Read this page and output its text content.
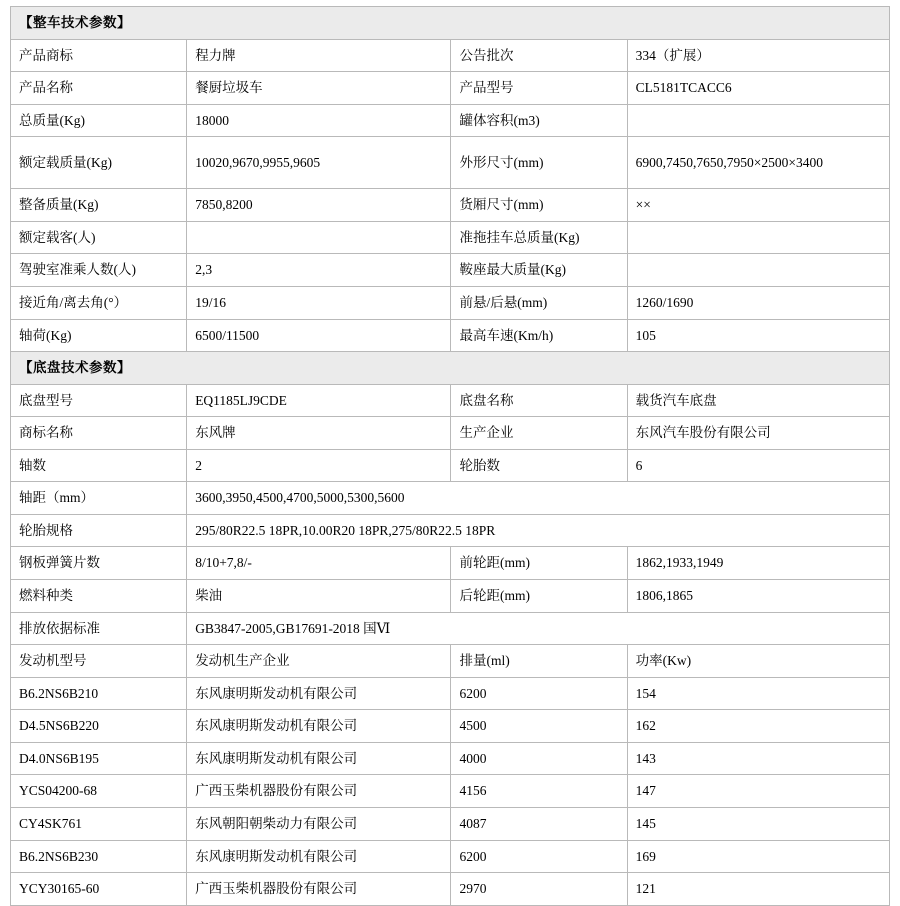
【整车技术参数】			
产品商标	程力牌	公告批次	334（扩展）
产品名称	餐厨垃圾车	产品型号	CL5181TCACC6
总质量(Kg)	18000	罐体容积(m3)	
额定载质量(Kg)	10020,9670,9955,9605	外形尺寸(mm)	6900,7450,7650,7950×2500×3400
整备质量(Kg)	7850,8200	货厢尺寸(mm)	××
额定载客(人)		准拖挂车总质量(Kg)	
驾驶室准乘人数(人)	2,3	鞍座最大质量(Kg)	
接近角/离去角(°）	19/16	前悬/后悬(mm)	1260/1690
轴荷(Kg)	6500/11500	最高车速(Km/h)	105
【底盘技术参数】			
底盘型号	EQ1185LJ9CDE	底盘名称	载货汽车底盘
商标名称	东风牌	生产企业	东风汽车股份有限公司
轴数	2	轮胎数	6
轴距（mm）	3600,3950,4500,4700,5000,5300,5600		
轮胎规格	295/80R22.5 18PR,10.00R20 18PR,275/80R22.5 18PR		
钢板弹簧片数	8/10+7,8/-	前轮距(mm)	1862,1933,1949
燃料种类	柴油	后轮距(mm)	1806,1865
排放依据标准	GB3847-2005,GB17691-2018 国Ⅵ		
发动机型号	发动机生产企业	排量(ml)	功率(Kw)
B6.2NS6B210	东风康明斯发动机有限公司	6200	154
D4.5NS6B220	东风康明斯发动机有限公司	4500	162
D4.0NS6B195	东风康明斯发动机有限公司	4000	143
YCS04200-68	广西玉柴机器股份有限公司	4156	147
CY4SK761	东风朝阳朝柴动力有限公司	4087	145
B6.2NS6B230	东风康明斯发动机有限公司	6200	169
YCY30165-60	广西玉柴机器股份有限公司	2970	121
